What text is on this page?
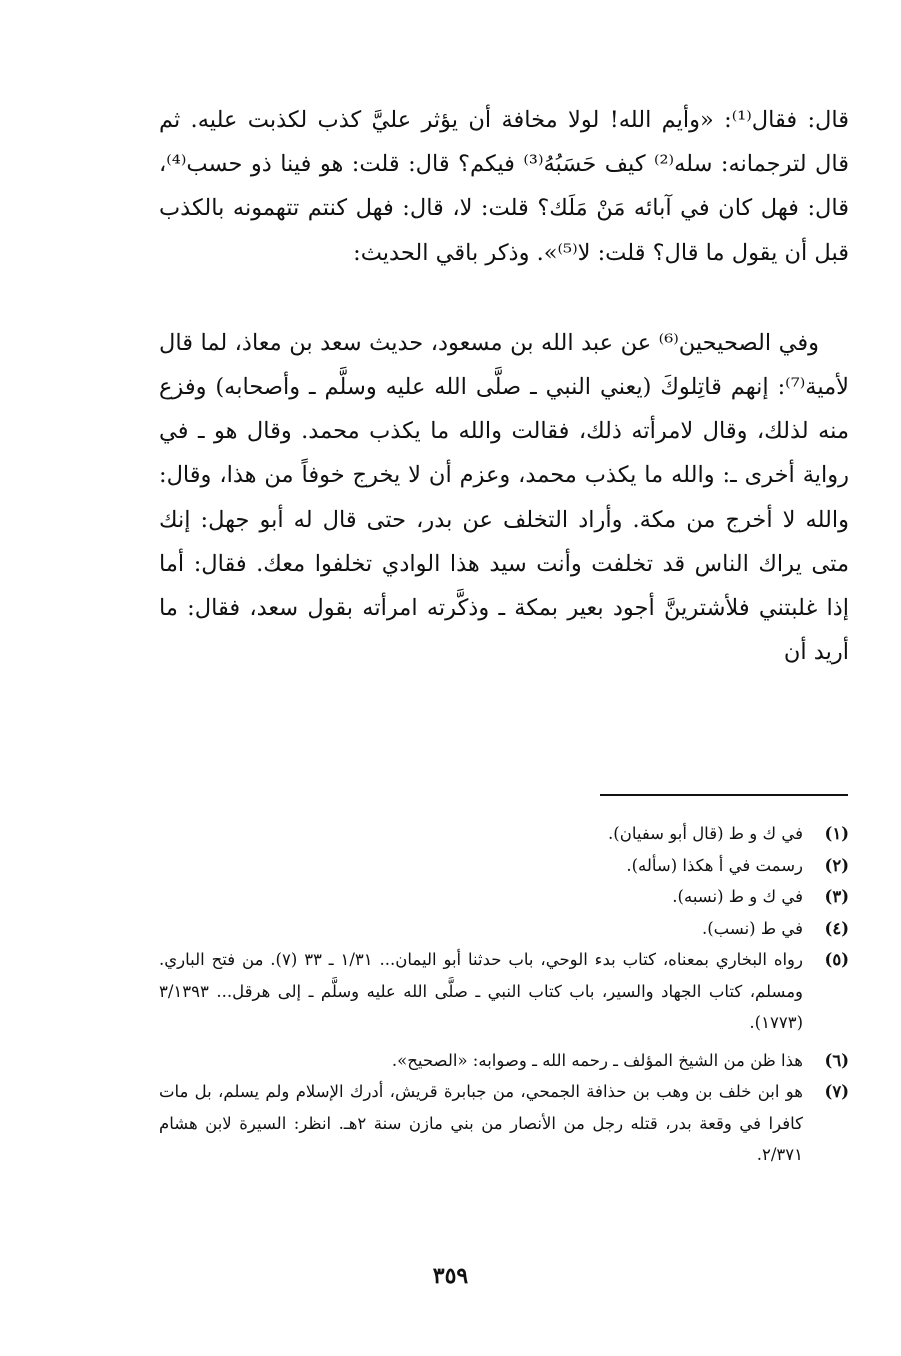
قال: فقال⁽¹⁾: «وأيم الله! لولا مخافة أن يؤثر عليَّ كذب لكذبت عليه. ثم قال لترجمانه: سله⁽²⁾ كيف حَسَبُهُ⁽³⁾ فيكم؟ قال: قلت: هو فينا ذو حسب⁽⁴⁾، قال: فهل كان في آبائه مَنْ مَلَك؟ قلت: لا، قال: فهل كنتم تتهمونه بالكذب قبل أن يقول ما قال؟ قلت: لا⁽⁵⁾». وذكر باقي الحديث:

وفي الصحيحين⁽⁶⁾ عن عبد الله بن مسعود، حديث سعد بن معاذ، لما قال لأمية⁽⁷⁾: إنهم قاتِلوكَ (يعني النبي ـ صلَّى الله عليه وسلَّم ـ وأصحابه) وفزع منه لذلك، وقال لامرأته ذلك، فقالت والله ما يكذب محمد. وقال هو ـ في رواية أخرى ـ: والله ما يكذب محمد، وعزم أن لا يخرج خوفاً من هذا، وقال: والله لا أخرج من مكة. وأراد التخلف عن بدر، حتى قال له أبو جهل: إنك متى يراك الناس قد تخلفت وأنت سيد هذا الوادي تخلفوا معك. فقال: أما إذا غلبتني فلأشترينَّ أجود بعير بمكة ـ وذكَّرته امرأته بقول سعد، فقال: ما أريد أن

(١)
في ك و ط (قال أبو سفيان).
(٢)
رسمت في أ هكذا (سأله).
(٣)
في ك و ط (نسبه).
(٤)
في ط (نسب).
(٥)
رواه البخاري بمعناه، كتاب بدء الوحي، باب حدثنا أبو اليمان... ١/٣١ ـ ٣٣ (٧). من فتح الباري. ومسلم، كتاب الجهاد والسير، باب كتاب النبي ـ صلَّى الله عليه وسلَّم ـ إلى هرقل... ٣/١٣٩٣ (١٧٧٣).
(٦)
هذا ظن من الشيخ المؤلف ـ رحمه الله ـ وصوابه: «الصحيح».
(٧)
هو ابن خلف بن وهب بن حذافة الجمحي، من جبابرة قريش، أدرك الإسلام ولم يسلم، بل مات كافرا في وقعة بدر، قتله رجل من الأنصار من بني مازن سنة ٢هـ. انظر: السيرة لابن هشام ٢/٣٧١.
٣٥٩
